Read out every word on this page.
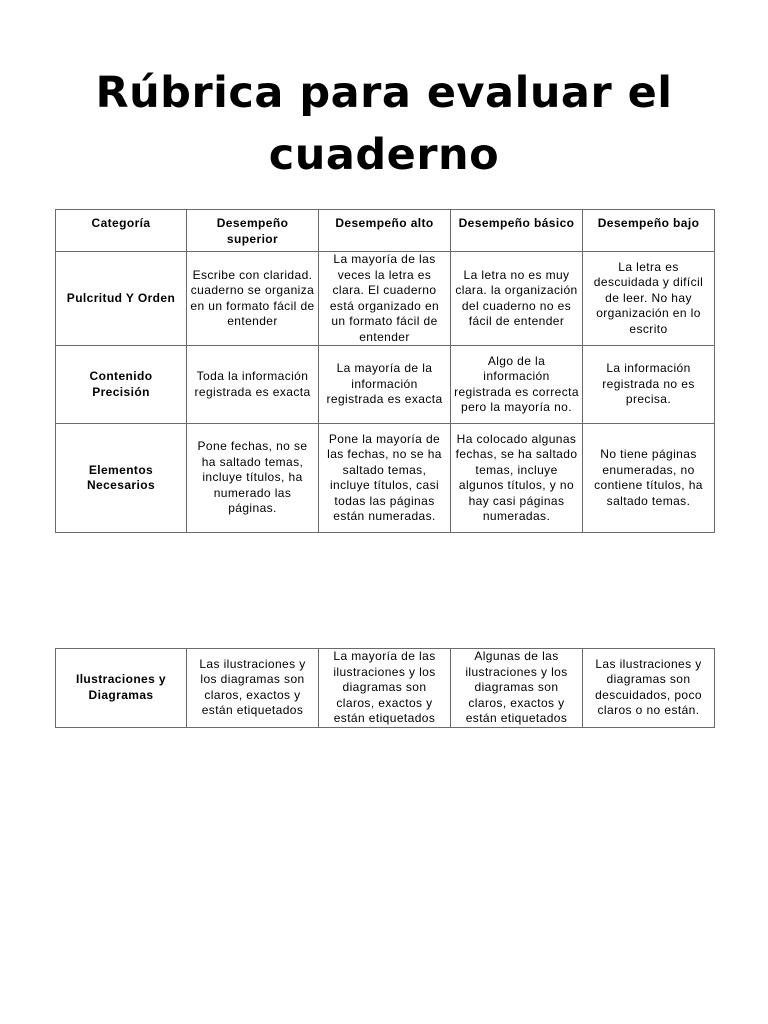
Rúbrica para evaluar el
cuaderno
Categoría	Desempeño superior	Desempeño alto	Desempeño básico	Desempeño bajo
Pulcritud Y Orden	Escribe con claridad. cuaderno se organiza en un formato fácil de entender	La mayoría de las veces la letra es clara. El cuaderno está organizado en un formato fácil de entender	La letra no es muy clara. la organización del cuaderno no es fácil de entender	La letra es descuidada y difícil de leer. No hay organización en lo escrito
Contenido Precisión	Toda la información registrada es exacta	La mayoría de la información registrada es exacta	Algo de la información registrada es correcta pero la mayoría no.	La información registrada no es precisa.
Elementos Necesarios	Pone fechas, no se ha saltado temas, incluye títulos, ha numerado las páginas.	Pone la mayoría de las fechas, no se ha saltado temas, incluye títulos, casi todas las páginas están numeradas.	Ha colocado algunas fechas, se ha saltado temas, incluye algunos títulos, y no hay casi páginas numeradas.	No tiene páginas enumeradas, no contiene títulos, ha saltado temas.
Ilustraciones y Diagramas	Las ilustraciones y los diagramas son claros, exactos y están etiquetados	La mayoría de las ilustraciones y los diagramas son claros, exactos y están etiquetados	Algunas de las ilustraciones y los diagramas son claros, exactos y están etiquetados	Las ilustraciones y diagramas son descuidados, poco claros o no están.
